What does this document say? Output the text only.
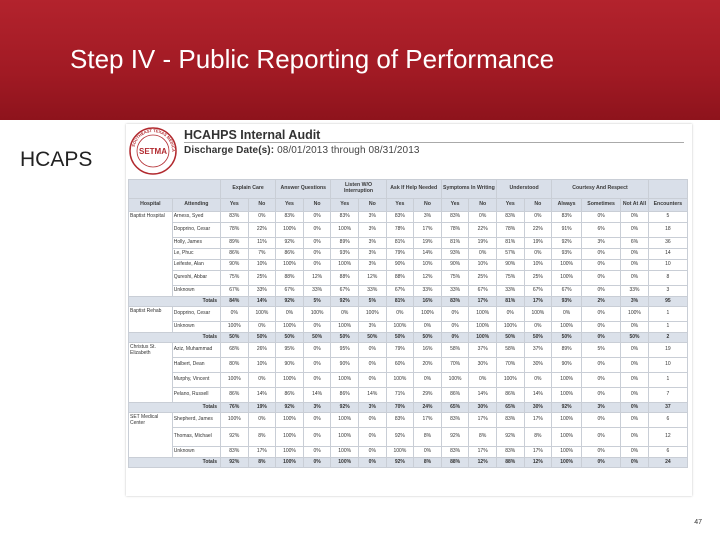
Step IV - Public Reporting of Performance
HCAPS
SOUTHEAST TEXAS MEDICA
SETMA
HCAHPS Internal Audit
Discharge Date(s): 08/01/2013 through 08/31/2013
		Explain Care		Answer Questions		Listen W/O Interruption		Ask If Help Needed		Symptoms In Writing		Understood		Courtesy And Respect			
Hospital	Attending	Yes	No	Yes	No	Yes	No	Yes	No	Yes	No	Yes	No	Always	Sometimes	Not At All	Encounters
Baptist Hospital	Arness, Syed	83%	0%	83%	0%	83%	3%	83%	3%	83%	0%	83%	0%	83%	0%	0%	5
	Dopprino, Cesar	78%	22%	100%	0%	100%	3%	78%	17%	78%	22%	78%	22%	91%	6%	0%	18
	Holly, James	89%	11%	92%	0%	89%	3%	81%	19%	81%	19%	81%	19%	92%	3%	6%	36
	Le, Phuc	86%	7%	86%	0%	93%	3%	79%	14%	93%	0%	57%	0%	93%	0%	0%	14
	Leifeste, Alan	90%	10%	100%	0%	100%	3%	90%	10%	90%	10%	90%	10%	100%	0%	0%	10
	Qureshi, Abbar	75%	25%	88%	12%	88%	12%	88%	12%	75%	25%	75%	25%	100%	0%	0%	8
	Unknown	67%	33%	67%	33%	67%	33%	67%	33%	33%	67%	33%	67%	67%	0%	33%	3
Totals		84%	14%	92%	5%	92%	5%	81%	16%	83%	17%	81%	17%	93%	2%	3%	95
Baptist Rehab	Dopprino, Cesar	0%	100%	0%	100%	0%	100%	0%	100%	0%	100%	0%	100%	0%	0%	100%	1
	Unknown	100%	0%	100%	0%	100%	3%	100%	0%	0%	100%	100%	0%	100%	0%	0%	1
Totals		50%	50%	50%	50%	50%	50%	50%	50%	0%	100%	50%	50%	50%	0%	50%	2
Christus St. Elizabeth	Aziz, Muhammad	68%	26%	95%	0%	95%	0%	79%	16%	58%	37%	58%	37%	89%	5%	0%	19
	Halbert, Dean	80%	10%	90%	0%	90%	0%	60%	20%	70%	30%	70%	30%	90%	0%	0%	10
	Murphy, Vincent	100%	0%	100%	0%	100%	0%	100%	0%	100%	0%	100%	0%	100%	0%	0%	1
	Pelano, Russell	86%	14%	86%	14%	86%	14%	71%	29%	86%	14%	86%	14%	100%	0%	0%	7
Totals		76%	19%	92%	3%	92%	3%	70%	24%	65%	30%	65%	30%	92%	3%	0%	37
SET Medical Center	Shepherd, James	100%	0%	100%	0%	100%	0%	83%	17%	83%	17%	83%	17%	100%	0%	0%	6
	Thomas, Michael	92%	8%	100%	0%	100%	0%	92%	8%	92%	8%	92%	8%	100%	0%	0%	12
	Unknown	83%	17%	100%	0%	100%	0%	100%	0%	83%	17%	83%	17%	100%	0%	0%	6
Totals		92%	8%	100%	0%	100%	0%	92%	8%	88%	12%	88%	12%	100%	0%	0%	24
47
